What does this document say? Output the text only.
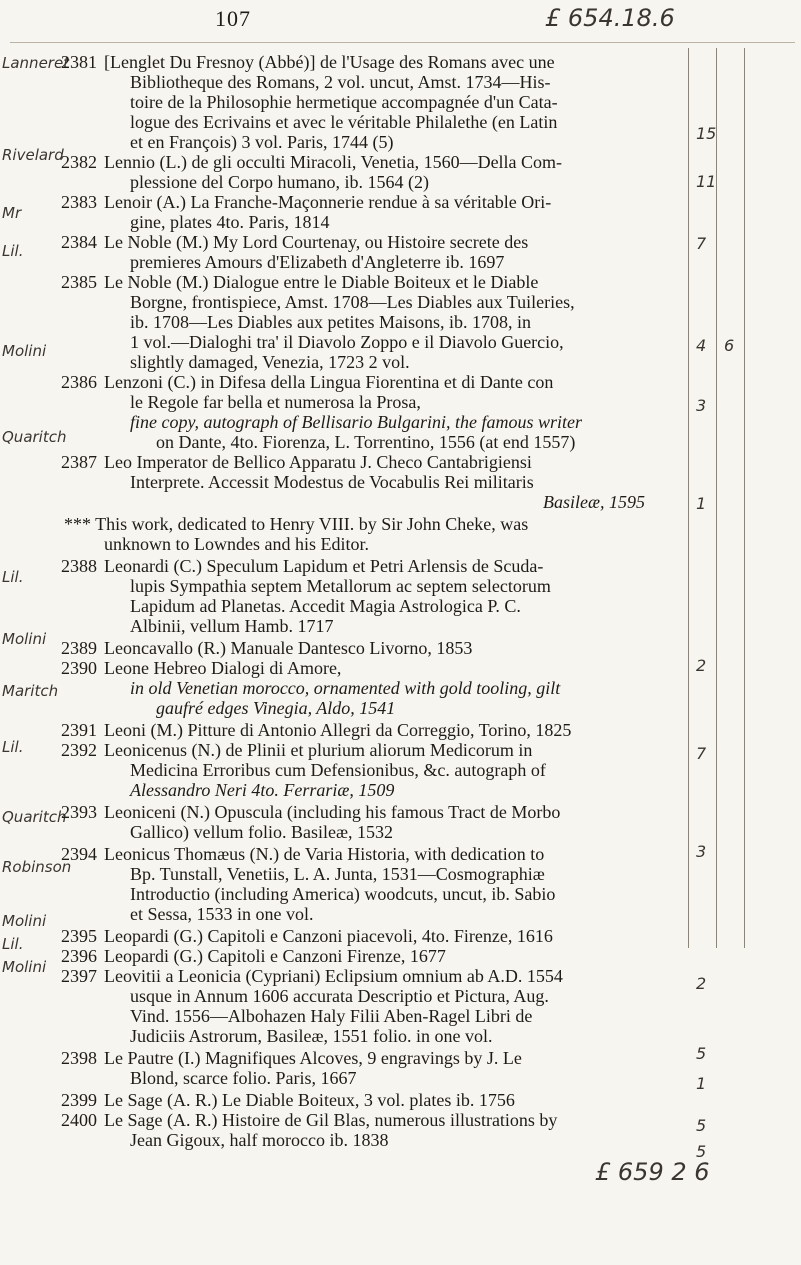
107	£ 654.18.6
Lanneret
Rivelard
Mr
Lil.
Molini
Quaritch
Lil.
Molini
Maritch
Lil.
Quaritch
Robinson
Molini
Lil.
Molini
2381 [Lenglet Du Fresnoy (Abbé)] de l'Usage des Romans avec une
Bibliotheque des Romans, 2 vol. uncut, Amst. 1734—His-
toire de la Philosophie hermetique accompagnée d'un Cata-
logue des Ecrivains et avec le véritable Philalethe (en Latin
et en François) 3 vol. Paris, 1744 (5)
2382 Lennio (L.) de gli occulti Miracoli, Venetia, 1560—Della Com-
plessione del Corpo humano, ib. 1564 (2)
2383 Lenoir (A.) La Franche-Maçonnerie rendue à sa véritable Ori-
gine, plates 4to. Paris, 1814
2384 Le Noble (M.) My Lord Courtenay, ou Histoire secrete des
premieres Amours d'Elizabeth d'Angleterre ib. 1697
2385 Le Noble (M.) Dialogue entre le Diable Boiteux et le Diable
Borgne, frontispiece, Amst. 1708—Les Diables aux Tuileries,
ib. 1708—Les Diables aux petites Maisons, ib. 1708, in
1 vol.—Dialoghi tra' il Diavolo Zoppo e il Diavolo Guercio,
slightly damaged, Venezia, 1723 2 vol.
2386 Lenzoni (C.) in Difesa della Lingua Fiorentina et di Dante con
le Regole far bella et numerosa la Prosa,
fine copy, autograph of Bellisario Bulgarini, the famous writer
on Dante, 4to. Fiorenza, L. Torrentino, 1556 (at end 1557)
2387 Leo Imperator de Bellico Apparatu J. Checo Cantabrigiensi
Interprete. Accessit Modestus de Vocabulis Rei militaris
Basileæ, 1595
*** This work, dedicated to Henry VIII. by Sir John Cheke, was
unknown to Lowndes and his Editor.
2388 Leonardi (C.) Speculum Lapidum et Petri Arlensis de Scuda-
lupis Sympathia septem Metallorum ac septem selectorum
Lapidum ad Planetas. Accedit Magia Astrologica P. C.
Albinii, vellum Hamb. 1717
2389 Leoncavallo (R.) Manuale Dantesco Livorno, 1853
2390 Leone Hebreo Dialogi di Amore,
in old Venetian morocco, ornamented with gold tooling, gilt
gaufré edges Vinegia, Aldo, 1541
2391 Leoni (M.) Pitture di Antonio Allegri da Correggio, Torino, 1825
2392 Leonicenus (N.) de Plinii et plurium aliorum Medicorum in
Medicina Erroribus cum Defensionibus, &c. autograph of
Alessandro Neri 4to. Ferrariæ, 1509
2393 Leoniceni (N.) Opuscula (including his famous Tract de Morbo
Gallico) vellum folio. Basileæ, 1532
2394 Leonicus Thomæus (N.) de Varia Historia, with dedication to
Bp. Tunstall, Venetiis, L. A. Junta, 1531—Cosmographiæ
Introductio (including America) woodcuts, uncut, ib. Sabio
et Sessa, 1533 in one vol.
2395 Leopardi (G.) Capitoli e Canzoni piacevoli, 4to. Firenze, 1616
2396 Leopardi (G.) Capitoli e Canzoni Firenze, 1677
2397 Leovitii a Leonicia (Cypriani) Eclipsium omnium ab A.D. 1554
usque in Annum 1606 accurata Descriptio et Pictura, Aug.
Vind. 1556—Albohazen Haly Filii Aben-Ragel Libri de
Judiciis Astrorum, Basileæ, 1551 folio. in one vol.
2398 Le Pautre (I.) Magnifiques Alcoves, 9 engravings by J. Le
Blond, scarce folio. Paris, 1667
2399 Le Sage (A. R.) Le Diable Boiteux, 3 vol. plates ib. 1756
2400 Le Sage (A. R.) Histoire de Gil Blas, numerous illustrations by
Jean Gigoux, half morocco ib. 1838
15
11
7
4 6
3
1
2
7
3
2
5
1
5
5
£ 659 2 6
